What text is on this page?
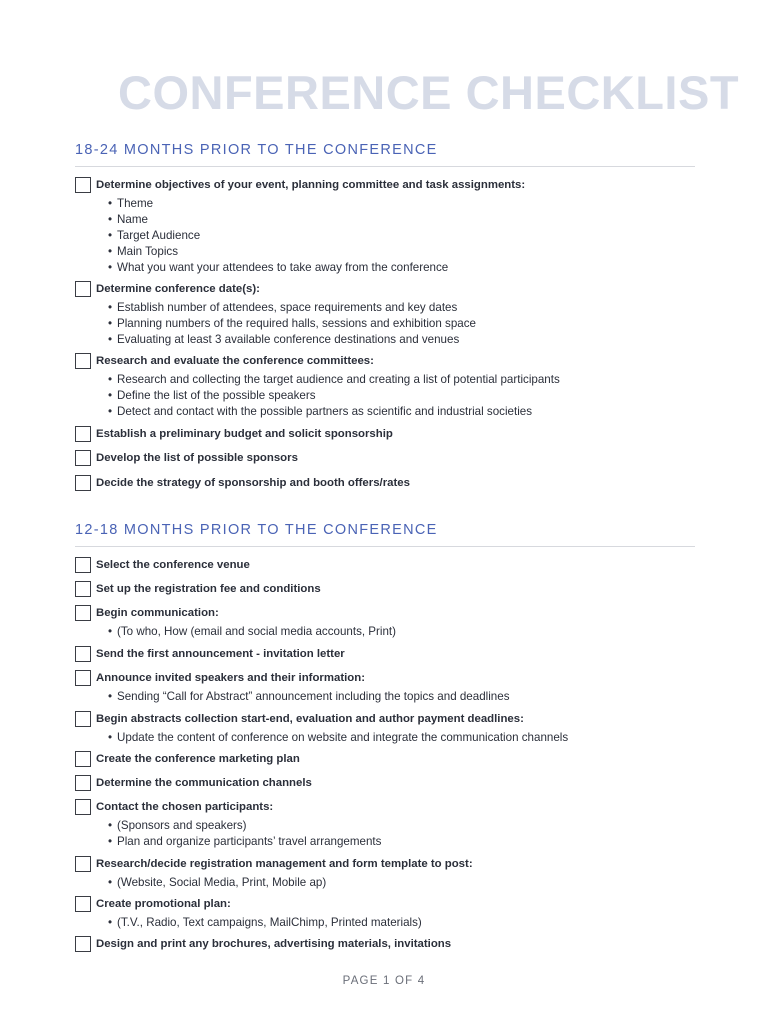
CONFERENCE CHECKLIST
18-24 MONTHS PRIOR TO THE CONFERENCE
Determine objectives of your event, planning committee and task assignments:
• Theme
• Name
• Target Audience
• Main Topics
• What you want your attendees to take away from the conference
Determine conference date(s):
• Establish number of attendees, space requirements and key dates
• Planning numbers of the required halls, sessions and exhibition space
• Evaluating at least 3 available conference destinations and venues
Research and evaluate the conference committees:
• Research and collecting the target audience and creating a list of potential participants
• Define the list of the possible speakers
• Detect and contact with the possible partners as scientific and industrial societies
Establish a preliminary budget and solicit sponsorship
Develop the list of possible sponsors
Decide the strategy of sponsorship and booth offers/rates
12-18 MONTHS PRIOR TO THE CONFERENCE
Select the conference venue
Set up the registration fee and conditions
Begin communication:
• (To who, How (email and social media accounts, Print)
Send the first announcement - invitation letter
Announce invited speakers and their information:
• Sending “Call for Abstract” announcement including the topics and deadlines
Begin abstracts collection start-end, evaluation and author payment deadlines:
• Update the content of conference on website and integrate the communication channels
Create the conference marketing plan
Determine the communication channels
Contact the chosen participants:
• (Sponsors and speakers)
• Plan and organize participants’ travel arrangements
Research/decide registration management and form template to post:
• (Website, Social Media, Print, Mobile ap)
Create promotional plan:
• (T.V., Radio, Text campaigns, MailChimp, Printed materials)
Design and print any brochures, advertising materials, invitations
PAGE 1 OF 4
